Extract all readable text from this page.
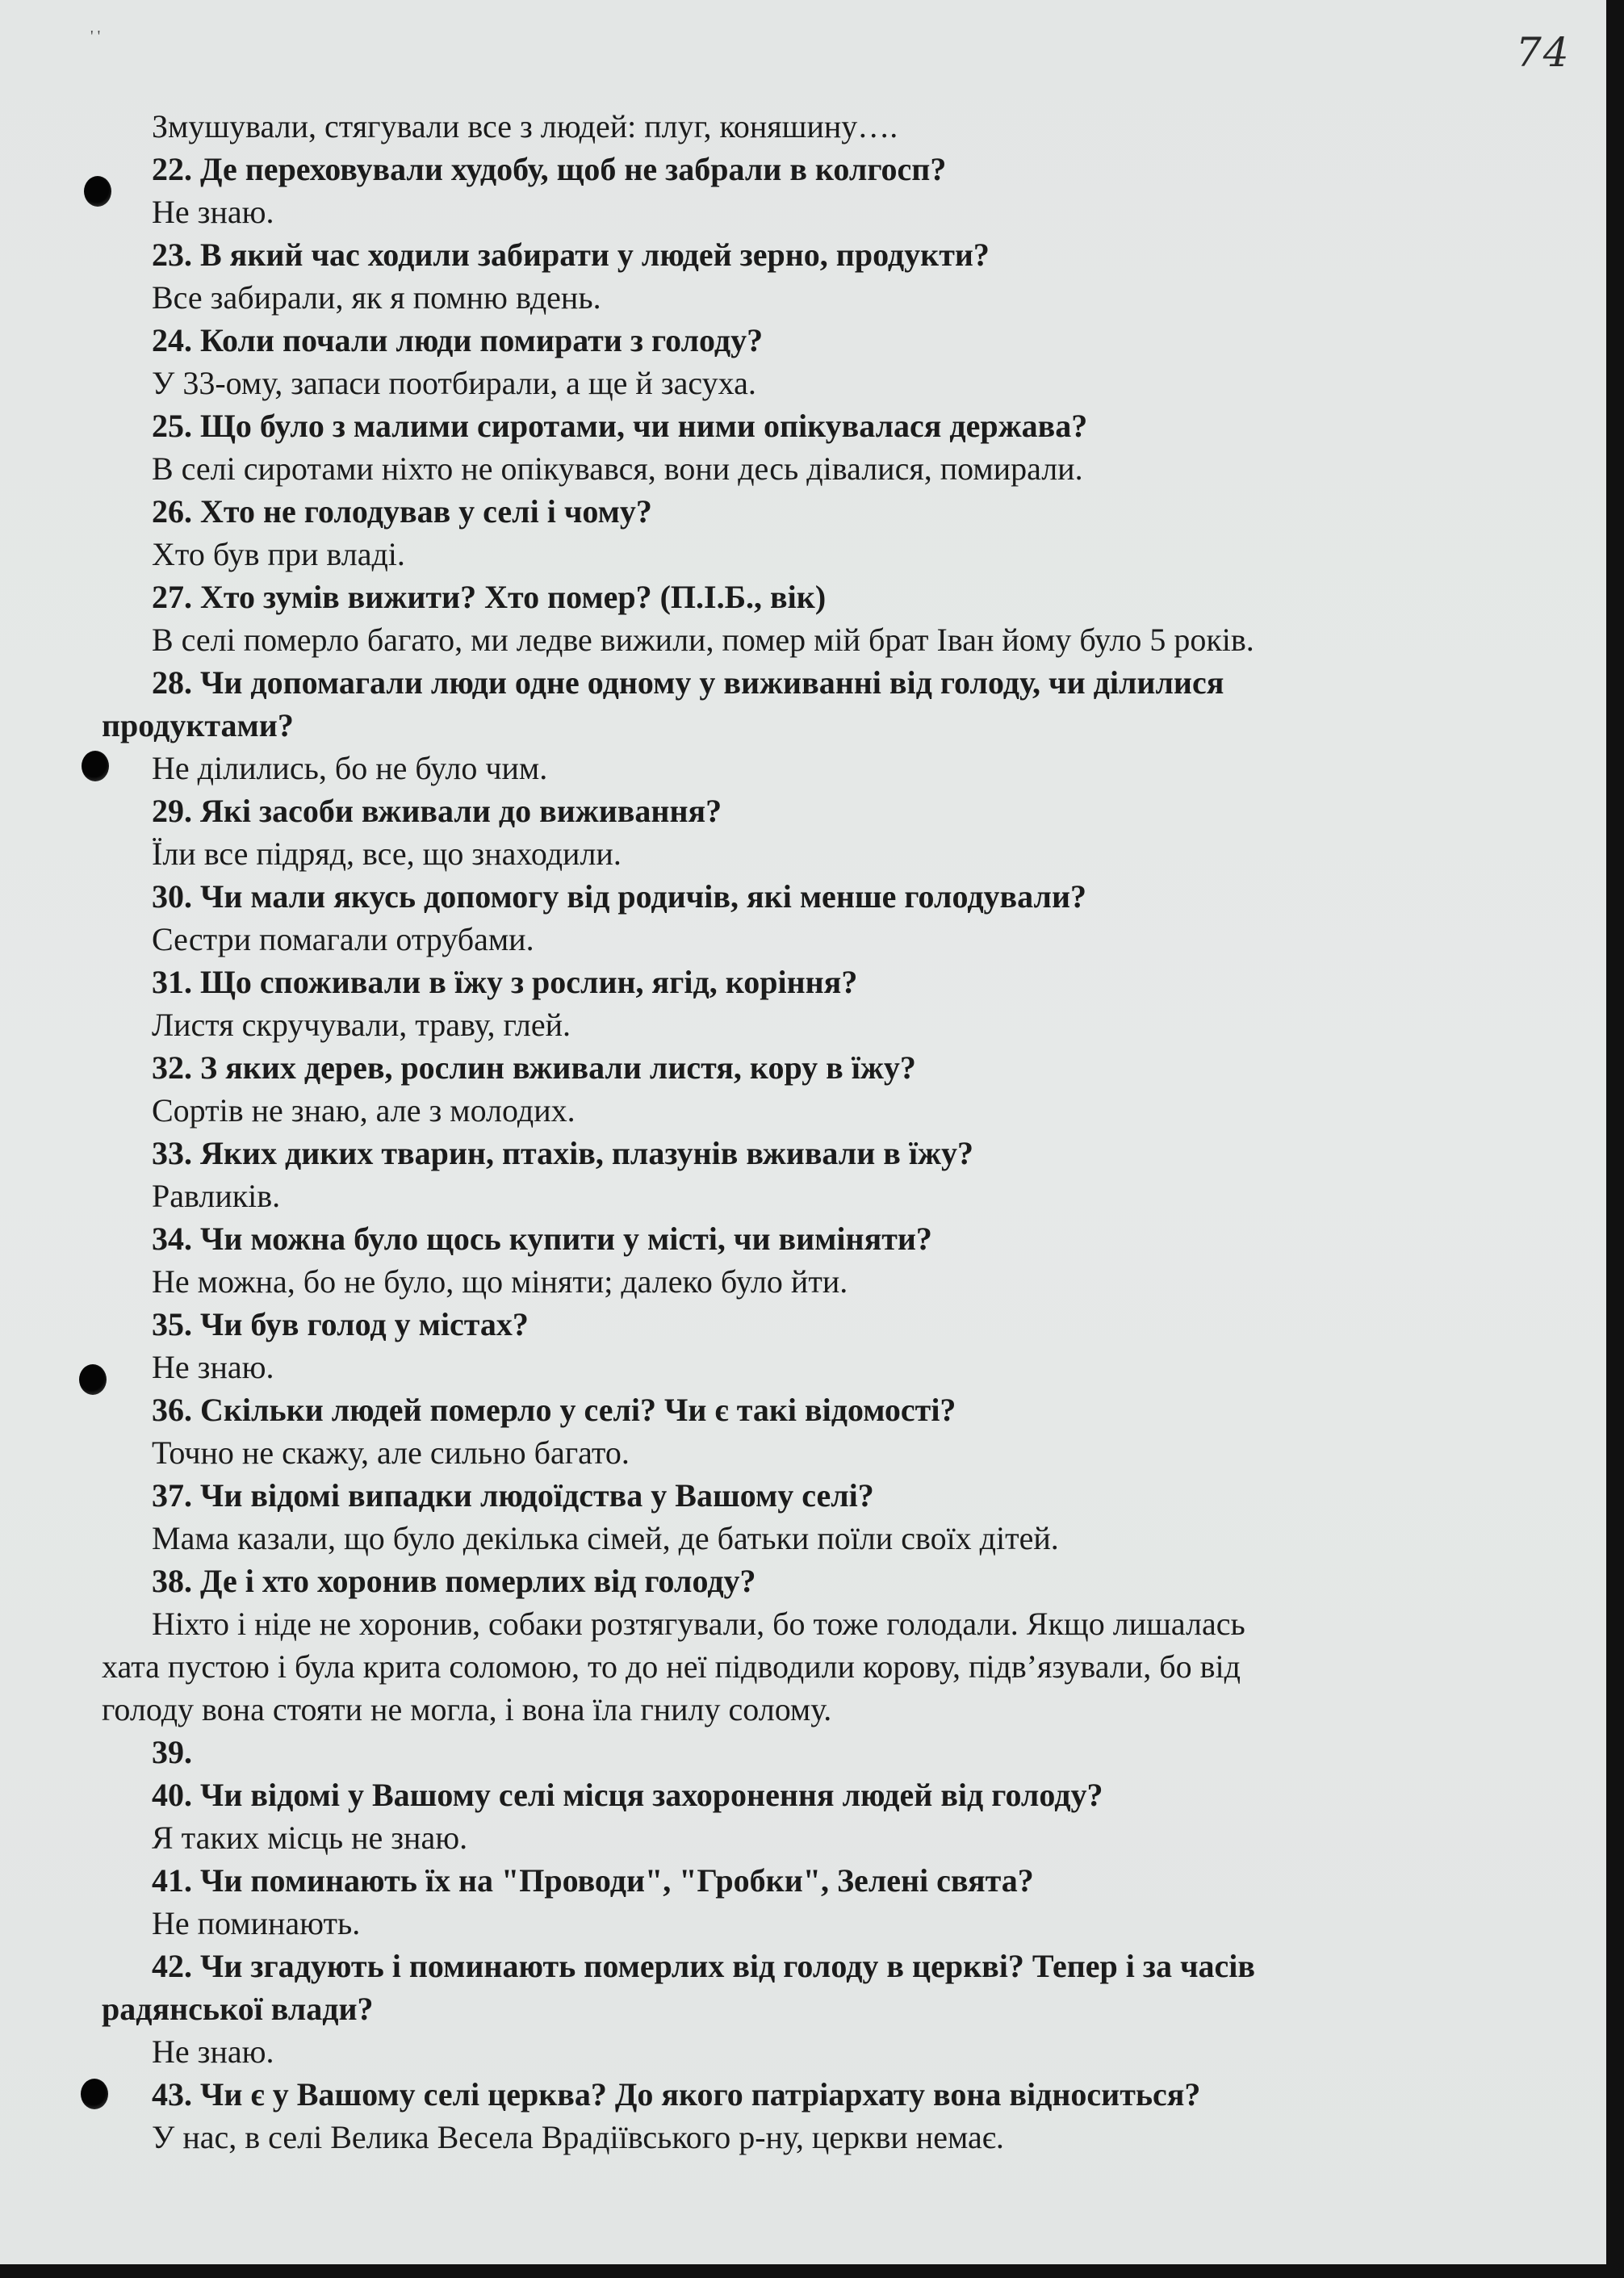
' '	74

Змушували, стягували все з людей: плуг, коняшину….

22. Де переховували худобу, щоб не забрали в колгосп?

Не знаю.

23. В який час ходили забирати у людей зерно, продукти?

Все забирали, як я помню вдень.

24. Коли почали люди помирати з голоду?

У 33-ому, запаси поотбирали, а ще й засуха.

25. Що було з малими сиротами, чи ними опікувалася держава?

В селі сиротами ніхто не опікувався, вони десь дівалися, помирали.

26. Хто не голодував у селі і чому?

Хто був при владі.

27. Хто зумів вижити? Хто помер? (П.І.Б., вік)

В селі померло багато, ми ледве вижили, помер мій брат Іван йому було 5 років.

28. Чи допомагали люди одне одному у виживанні від голоду, чи ділилися

продуктами?

Не ділились, бо не було чим.

29. Які засоби вживали до виживання?

Їли все підряд, все, що знаходили.

30. Чи мали якусь допомогу від родичів, які менше голодували?

Сестри помагали отрубами.

31. Що споживали в їжу з рослин, ягід, коріння?

Листя скручували, траву, глей.

32. З яких дерев, рослин вживали листя, кору в їжу?

Сортів не знаю, але з молодих.

33. Яких диких тварин, птахів, плазунів вживали в їжу?

Равликів.

34. Чи можна було щось купити у місті, чи виміняти?

Не можна, бо не було, що міняти; далеко було йти.

35. Чи був голод у містах?

Не знаю.

36. Скільки людей померло у селі? Чи є такі відомості?

Точно не скажу, але сильно багато.

37. Чи відомі випадки людоїдства у Вашому селі?

Мама казали, що було декілька сімей, де батьки поїли своїх дітей.

38. Де і хто хоронив померлих від голоду?

Ніхто і ніде не хоронив, собаки розтягували, бо тоже голодали. Якщо лишалась

хата пустою і була крита соломою, то до неї підводили корову, підв’язували, бо від

голоду вона стояти не могла, і вона їла гнилу солому.

39.

40. Чи відомі у Вашому селі місця захоронення людей від голоду?

Я таких місць не знаю.

41. Чи поминають їх на "Проводи", "Гробки", Зелені свята?

Не поминають.

42. Чи згадують і поминають померлих від голоду в церкві? Тепер і за часів

радянської влади?

Не знаю.

43. Чи є у Вашому селі церква? До якого патріархату вона відноситься?

У нас, в селі Велика Весела Врадіївського р-ну, церкви немає.
